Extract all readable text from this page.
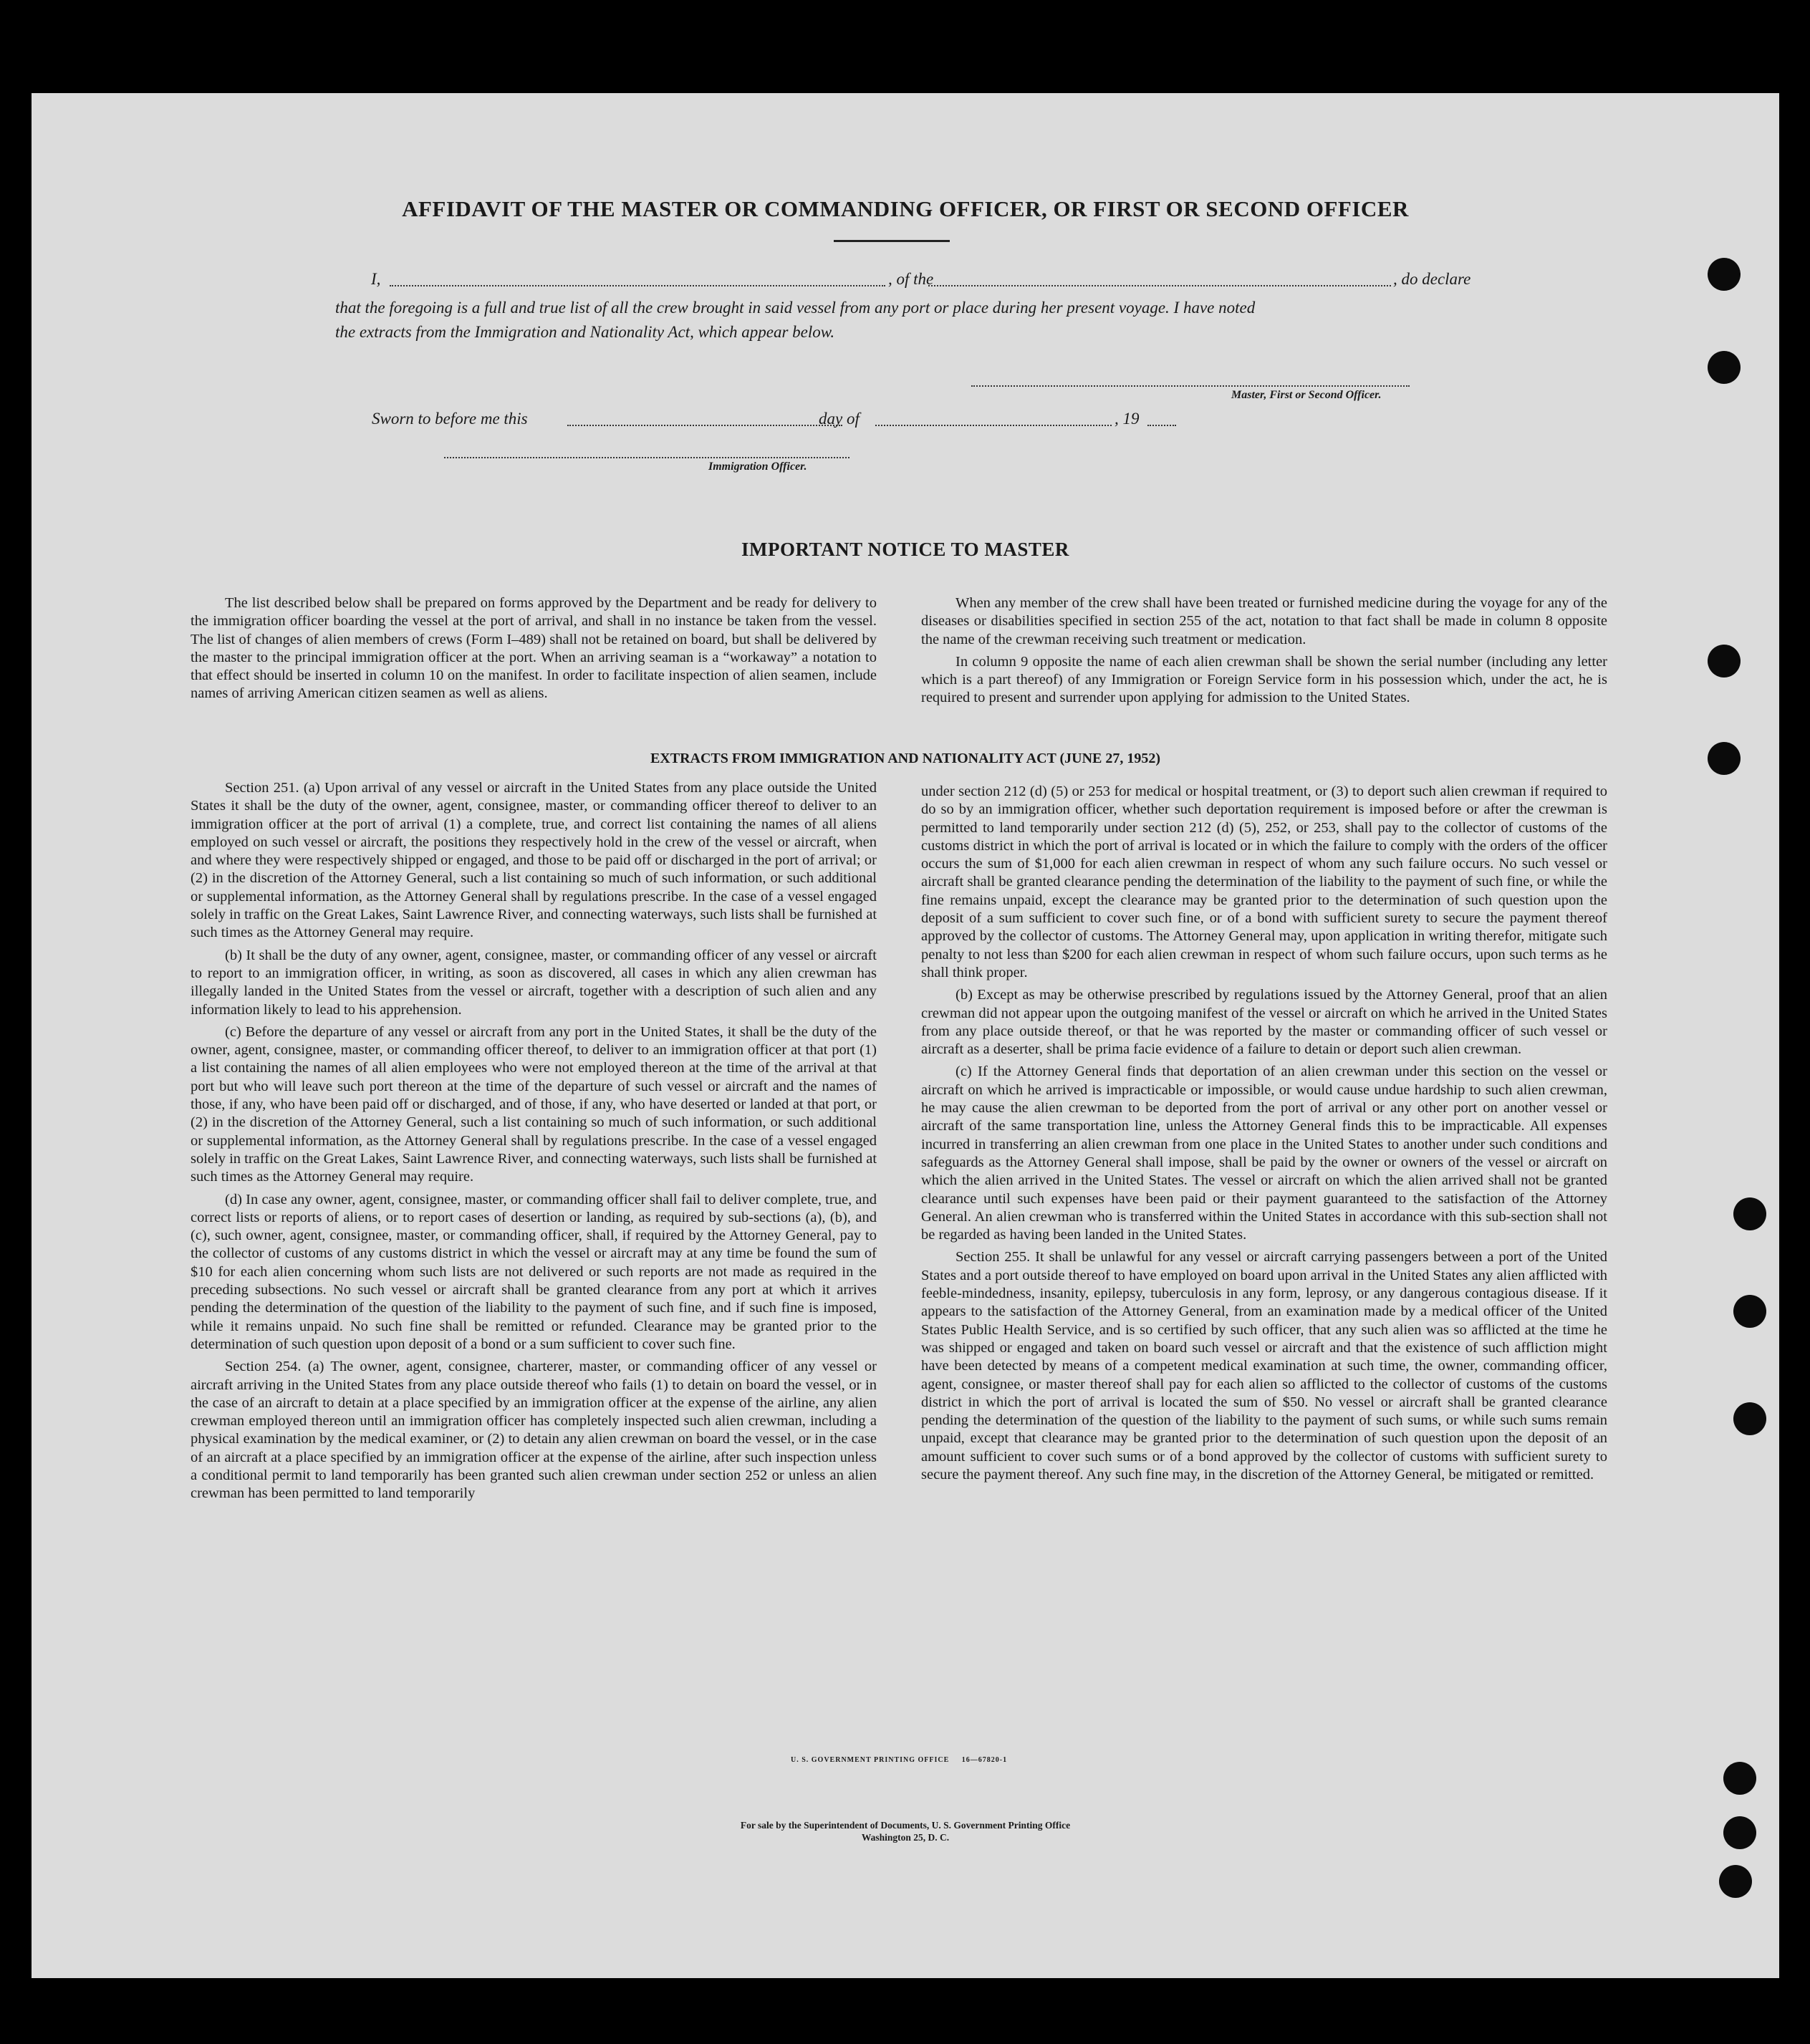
AFFIDAVIT OF THE MASTER OR COMMANDING OFFICER, OR FIRST OR SECOND OFFICER
I,	, of the	, do declare
that the foregoing is a full and true list of all the crew brought in said vessel from any port or place during her present voyage. I have noted
the extracts from the Immigration and Nationality Act, which appear below.
Master, First or Second Officer.
Sworn to before me this	day of	, 19
Immigration Officer.
IMPORTANT NOTICE TO MASTER

The list described below shall be prepared on forms approved by the Department and be ready for delivery to the immigration officer boarding the vessel at the port of arrival, and shall in no instance be taken from the vessel. The list of changes of alien members of crews (Form I–489) shall not be retained on board, but shall be delivered by the master to the principal immigration officer at the port. When an arriving seaman is a “workaway” a notation to that effect should be inserted in column 10 on the manifest. In order to facilitate inspection of alien seamen, include names of arriving American citizen seamen as well as aliens.

When any member of the crew shall have been treated or furnished medicine during the voyage for any of the diseases or disabilities specified in section 255 of the act, notation to that fact shall be made in column 8 opposite the name of the crewman receiving such treatment or medication.

In column 9 opposite the name of each alien crewman shall be shown the serial number (including any letter which is a part thereof) of any Immigration or Foreign Service form in his possession which, under the act, he is required to present and surrender upon applying for admission to the United States.

EXTRACTS FROM IMMIGRATION AND NATIONALITY ACT (JUNE 27, 1952)

Section 251. (a) Upon arrival of any vessel or aircraft in the United States from any place outside the United States it shall be the duty of the owner, agent, consignee, master, or commanding officer thereof to deliver to an immigration officer at the port of arrival (1) a complete, true, and correct list containing the names of all aliens employed on such vessel or aircraft, the positions they respectively hold in the crew of the vessel or aircraft, when and where they were respectively shipped or engaged, and those to be paid off or discharged in the port of arrival; or (2) in the discretion of the Attorney General, such a list containing so much of such information, or such additional or supplemental information, as the Attorney General shall by regulations prescribe. In the case of a vessel engaged solely in traffic on the Great Lakes, Saint Lawrence River, and connecting waterways, such lists shall be furnished at such times as the Attorney General may require.

(b) It shall be the duty of any owner, agent, consignee, master, or commanding officer of any vessel or aircraft to report to an immigration officer, in writing, as soon as discovered, all cases in which any alien crewman has illegally landed in the United States from the vessel or aircraft, together with a description of such alien and any information likely to lead to his apprehension.

(c) Before the departure of any vessel or aircraft from any port in the United States, it shall be the duty of the owner, agent, consignee, master, or commanding officer thereof, to deliver to an immigration officer at that port (1) a list containing the names of all alien employees who were not employed thereon at the time of the arrival at that port but who will leave such port thereon at the time of the departure of such vessel or aircraft and the names of those, if any, who have been paid off or discharged, and of those, if any, who have deserted or landed at that port, or (2) in the discretion of the Attorney General, such a list containing so much of such information, or such additional or supplemental information, as the Attorney General shall by regulations prescribe. In the case of a vessel engaged solely in traffic on the Great Lakes, Saint Lawrence River, and connecting waterways, such lists shall be furnished at such times as the Attorney General may require.

(d) In case any owner, agent, consignee, master, or commanding officer shall fail to deliver complete, true, and correct lists or reports of aliens, or to report cases of desertion or landing, as required by sub-sections (a), (b), and (c), such owner, agent, consignee, master, or commanding officer, shall, if required by the Attorney General, pay to the collector of customs of any customs district in which the vessel or aircraft may at any time be found the sum of $10 for each alien concerning whom such lists are not delivered or such reports are not made as required in the preceding subsections. No such vessel or aircraft shall be granted clearance from any port at which it arrives pending the determination of the question of the liability to the payment of such fine, and if such fine is imposed, while it remains unpaid. No such fine shall be remitted or refunded. Clearance may be granted prior to the determination of such question upon deposit of a bond or a sum sufficient to cover such fine.

Section 254. (a) The owner, agent, consignee, charterer, master, or commanding officer of any vessel or aircraft arriving in the United States from any place outside thereof who fails (1) to detain on board the vessel, or in the case of an aircraft to detain at a place specified by an immigration officer at the expense of the airline, any alien crewman employed thereon until an immigration officer has completely inspected such alien crewman, including a physical examination by the medical examiner, or (2) to detain any alien crewman on board the vessel, or in the case of an aircraft at a place specified by an immigration officer at the expense of the airline, after such inspection unless a conditional permit to land temporarily has been granted such alien crewman under section 252 or unless an alien crewman has been permitted to land temporarily

under section 212 (d) (5) or 253 for medical or hospital treatment, or (3) to deport such alien crewman if required to do so by an immigration officer, whether such deportation requirement is imposed before or after the crewman is permitted to land temporarily under section 212 (d) (5), 252, or 253, shall pay to the collector of customs of the customs district in which the port of arrival is located or in which the failure to comply with the orders of the officer occurs the sum of $1,000 for each alien crewman in respect of whom any such failure occurs. No such vessel or aircraft shall be granted clearance pending the determination of the liability to the payment of such fine, or while the fine remains unpaid, except the clearance may be granted prior to the determination of such question upon the deposit of a sum sufficient to cover such fine, or of a bond with sufficient surety to secure the payment thereof approved by the collector of customs. The Attorney General may, upon application in writing therefor, mitigate such penalty to not less than $200 for each alien crewman in respect of whom such failure occurs, upon such terms as he shall think proper.

(b) Except as may be otherwise prescribed by regulations issued by the Attorney General, proof that an alien crewman did not appear upon the outgoing manifest of the vessel or aircraft on which he arrived in the United States from any place outside thereof, or that he was reported by the master or commanding officer of such vessel or aircraft as a deserter, shall be prima facie evidence of a failure to detain or deport such alien crewman.

(c) If the Attorney General finds that deportation of an alien crewman under this section on the vessel or aircraft on which he arrived is impracticable or impossible, or would cause undue hardship to such alien crewman, he may cause the alien crewman to be deported from the port of arrival or any other port on another vessel or aircraft of the same transportation line, unless the Attorney General finds this to be impracticable. All expenses incurred in transferring an alien crewman from one place in the United States to another under such conditions and safeguards as the Attorney General shall impose, shall be paid by the owner or owners of the vessel or aircraft on which the alien arrived in the United States. The vessel or aircraft on which the alien arrived shall not be granted clearance until such expenses have been paid or their payment guaranteed to the satisfaction of the Attorney General. An alien crewman who is transferred within the United States in accordance with this sub-section shall not be regarded as having been landed in the United States.

Section 255. It shall be unlawful for any vessel or aircraft carrying passengers between a port of the United States and a port outside thereof to have employed on board upon arrival in the United States any alien afflicted with feeble-mindedness, insanity, epilepsy, tuberculosis in any form, leprosy, or any dangerous contagious disease. If it appears to the satisfaction of the Attorney General, from an examination made by a medical officer of the United States Public Health Service, and is so certified by such officer, that any such alien was so afflicted at the time he was shipped or engaged and taken on board such vessel or aircraft and that the existence of such affliction might have been detected by means of a competent medical examination at such time, the owner, commanding officer, agent, consignee, or master thereof shall pay for each alien so afflicted to the collector of customs of the customs district in which the port of arrival is located the sum of $50. No vessel or aircraft shall be granted clearance pending the determination of the question of the liability to the payment of such sums, or while such sums remain unpaid, except that clearance may be granted prior to the determination of such question upon the deposit of an amount sufficient to cover such sums or of a bond approved by the collector of customs with sufficient surety to secure the payment thereof. Any such fine may, in the discretion of the Attorney General, be mitigated or remitted.

U. S. GOVERNMENT PRINTING OFFICE     16—67820-1
For sale by the Superintendent of Documents, U. S. Government Printing Office
Washington 25, D. C.
